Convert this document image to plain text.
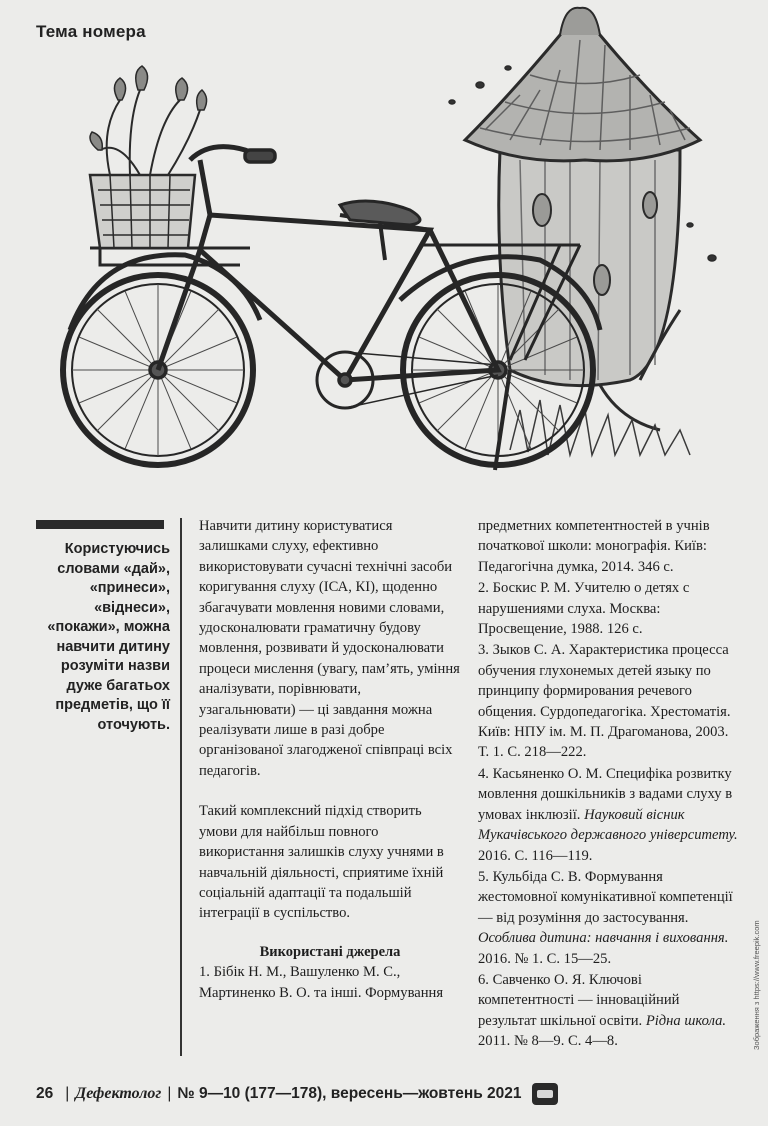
Тема номера
Користуючись словами «дай», «принеси», «віднеси», «покажи», можна навчити дитину розуміти назви дуже багатьох предметів, що її оточують.

Навчити дитину користуватися залишками слуху, ефективно використовувати сучасні технічні засоби коригування слуху (ІСА, КІ), щоденно збагачувати мовлення новими словами, удосконалювати граматичну будову мовлення, розвивати й удосконалювати процеси мислення (увагу, пам’ять, уміння аналізувати, порівнювати, узагальнювати) — ці завдання можна реалізувати лише в разі добре організованої злагодженої співпраці всіх педагогів.

Такий комплексний підхід створить умови для найбільш повного використання залишків слуху учнями в навчальній діяльності, сприятиме їхній соціальній адаптації та подальшій інтеграції в суспільство.

Використані джерела

1. Бібік Н. М., Вашуленко М. С., Мартиненко В. О. та інші. Формування

предметних компетентностей в учнів початкової школи: монографія. Київ: Педагогічна думка, 2014. 346 с.

2. Боскис Р. М. Учителю о детях с нарушениями слуха. Москва: Просвещение, 1988. 126 с.

3. Зыков С. А. Характеристика процесса обучения глухонемых детей языку по принципу формирования речевого общения. Сурдопедагогіка. Хрестоматія. Київ: НПУ ім. М. П. Драгоманова, 2003. Т. 1. С. 218—222.

4. Касьяненко О. М. Специфіка розвитку мовлення дошкільників з вадами слуху в умовах інклюзії. Науковий вісник Мукачівського державного університету. 2016. С. 116—119.

5. Кульбіда С. В. Формування жестомовної комунікативної компетенції — від розуміння до застосування. Особлива дитина: навчання і виховання. 2016. № 1. С. 15—25.

6. Савченко О. Я. Ключові компетентності — інноваційний результат шкільної освіти. Рідна школа. 2011. № 8—9. С. 4—8.	Зображення з https://www.freepik.com
26 | Дефектолог | № 9—10 (177—178), вересень—жовтень 2021
